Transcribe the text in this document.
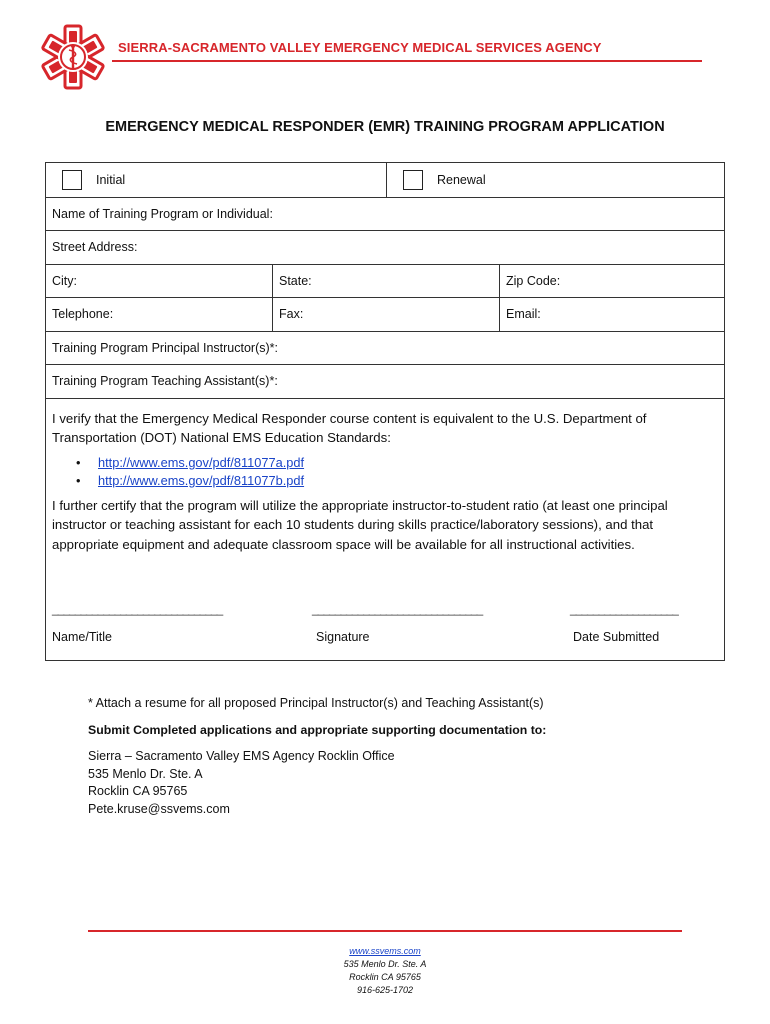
SIERRA-SACRAMENTO VALLEY EMERGENCY MEDICAL SERVICES AGENCY
EMERGENCY MEDICAL RESPONDER (EMR) TRAINING PROGRAM APPLICATION
Initial	Renewal
Name of Training Program or Individual:
Street Address:
City:	State:	Zip Code:
Telephone:	Fax:	Email:
Training Program Principal Instructor(s)*:
Training Program Teaching Assistant(s)*:

I verify that the Emergency Medical Responder course content is equivalent to the U.S. Department of Transportation (DOT) National EMS Education Standards:

• http://www.ems.gov/pdf/811077a.pdf
• http://www.ems.gov/pdf/811077b.pdf

I further certify that the program will utilize the appropriate instructor-to-student ratio (at least one principal instructor or teaching assistant for each 10 students during skills practice/laboratory sessions), and that appropriate equipment and adequate classroom space will be available for all instructional activities.

______________________________	______________________________	___________________
Name/Title	Signature	Date Submitted
* Attach a resume for all proposed Principal Instructor(s) and Teaching Assistant(s)
Submit Completed applications and appropriate supporting documentation to:
Sierra – Sacramento Valley EMS Agency Rocklin Office
535 Menlo Dr. Ste. A
Rocklin CA 95765
Pete.kruse@ssvems.com
www.ssvems.com
535 Menlo Dr. Ste. A
Rocklin CA 95765
916-625-1702
